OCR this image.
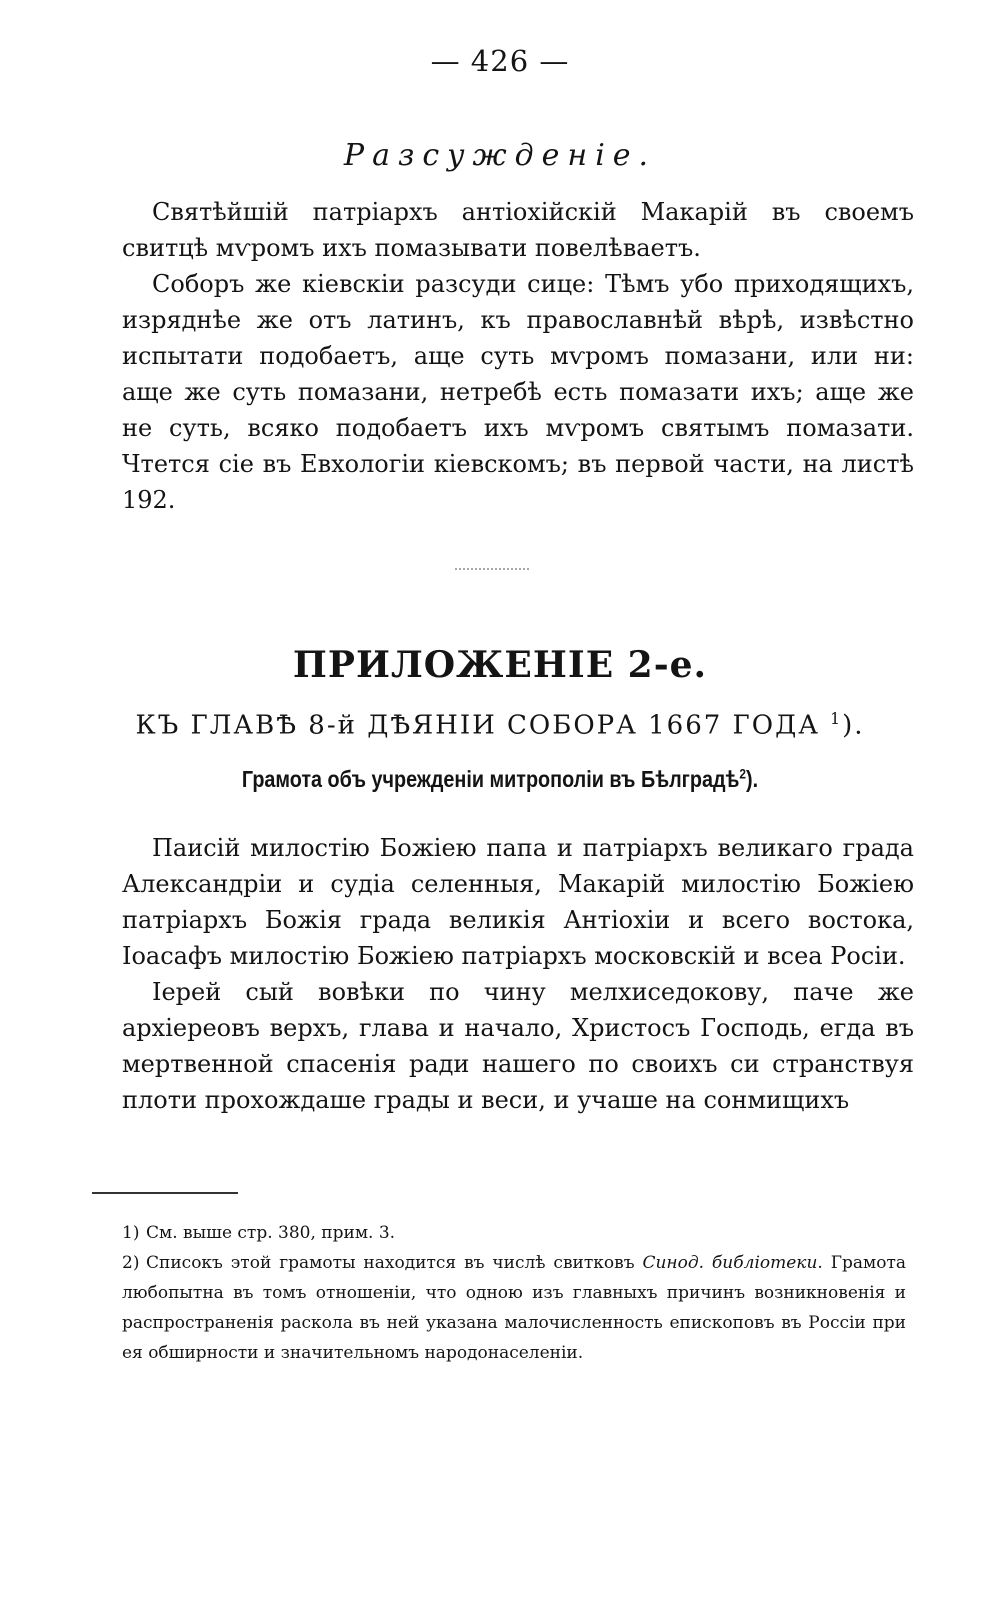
— 426 —
Разсужденіе.

Святѣйшій патріархъ антіохійскій Макарій въ своемъ свитцѣ мѵромъ ихъ помазывати повелѣваетъ.

Соборъ же кіевскіи разсуди сице: Тѣмъ убо приходящихъ, изряднѣе же отъ латинъ, къ православнѣй вѣрѣ, извѣстно испытати подобаетъ, аще суть мѵромъ помазани, или ни: аще же суть помазани, нетребѣ есть помазати ихъ; аще же не суть, всяко подобаетъ ихъ мѵромъ святымъ помазати. Чтется сіе въ Евхологіи кіевскомъ; въ первой части, на листѣ 192.

ПРИЛОЖЕНІЕ 2-е.
КЪ ГЛАВѢ 8-й ДѢЯНІИ СОБОРА 1667 ГОДА $^1$).
Грамота объ учрежденіи митрополіи въ Бѣлградѣ$^2$).

Паисій милостію Божіею папа и патріархъ великаго града Александріи и судіа селенныя, Макарій милостію Божіею патріархъ Божія града великія Антіохіи и всего востока, Іоасафъ милостію Божіею патріархъ московскій и всеа Росіи.

Іерей сый вовѣки по чину мелхиседокову, паче же архіереовъ верхъ, глава и начало, Христосъ Господь, егда въ мертвенной спасенія ради нашего по своихъ си странствуя плоти прохождаше грады и веси, и учаше на сонмищихъ

1) См. выше стр. 380, прим. 3.

2) Списокъ этой грамоты находится въ числѣ свитковъ Синод. библіотеки. Грамота любопытна въ томъ отношеніи, что одною изъ главныхъ причинъ возникновенія и распространенія раскола въ ней указана малочисленность епископовъ въ Россіи при ея обширности и значительномъ народонаселеніи.
